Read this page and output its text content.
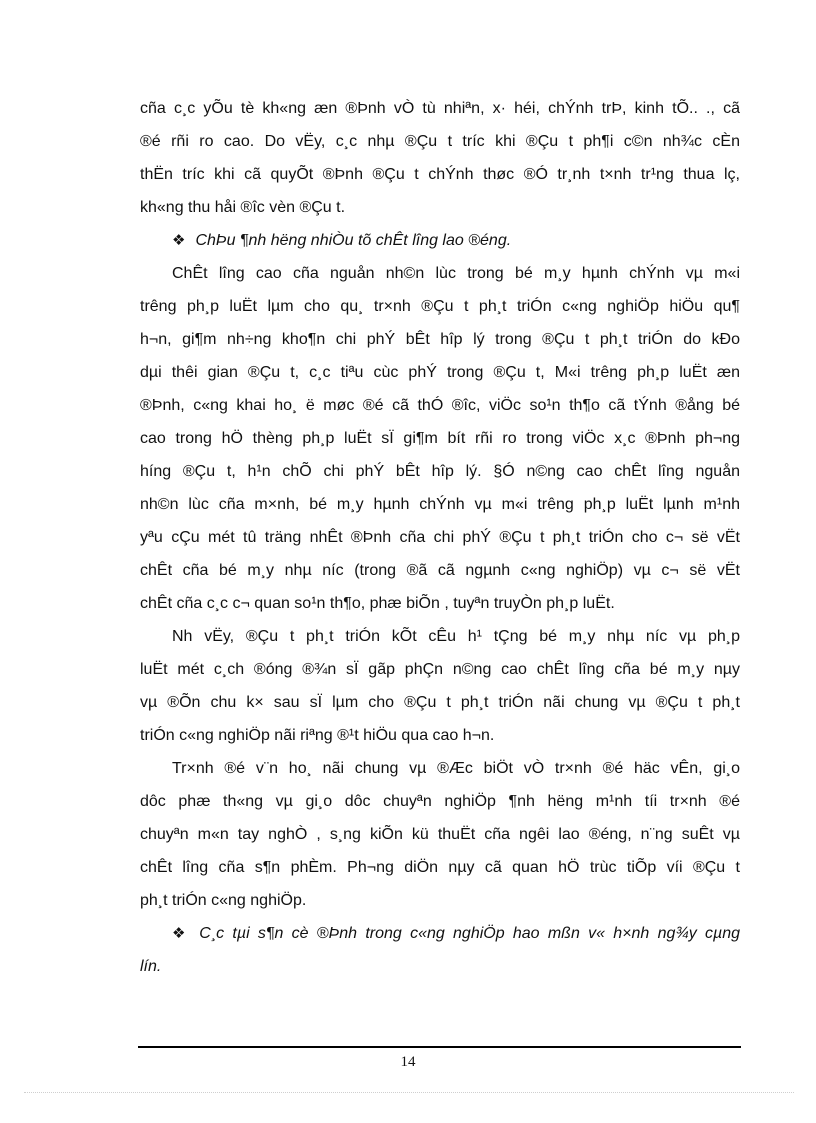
cña c¸c yÕu tè kh«ng æn ®Þnh vÒ tù nhiªn, x· héi, chÝnh trÞ, kinh tÕ.. ., cã
®é rñi ro cao. Do vËy, c¸c nhµ ®Çu t tríc khi ®Çu t ph¶i c©n nh¾c cÈn
thËn tríc khi cã quyÕt ®Þnh ®Çu t chÝnh thøc ®Ó tr¸nh t×nh tr¹ng thua lç,
kh«ng thu håi ®îc vèn ®Çu t.
❖ ChÞu ¶nh hëng nhiÒu tõ chÊt lîng lao ®éng.
ChÊt lîng cao cña nguån nh©n lùc trong bé m¸y hµnh chÝnh vµ m«i
trêng ph¸p luËt lµm cho qu¸ tr×nh ®Çu t ph¸t triÓn c«ng nghiÖp hiÖu qu¶
h¬n, gi¶m nh÷ng kho¶n chi phÝ bÊt hîp lý trong ®Çu t ph¸t triÓn do kÐo
dµi thêi gian ®Çu t, c¸c tiªu cùc phÝ trong ®Çu t, M«i trêng ph¸p luËt æn
®Þnh, c«ng khai ho¸ ë møc ®é cã thÓ ®îc, viÖc so¹n th¶o cã tÝnh ®ång bé
cao trong hÖ thèng ph¸p luËt sÏ gi¶m bít rñi ro trong viÖc x¸c ®Þnh ph¬ng
híng ®Çu t, h¹n chÕ chi phÝ bÊt hîp lý. §Ó n©ng cao chÊt lîng nguån
nh©n lùc cña m×nh, bé m¸y hµnh chÝnh vµ m«i trêng ph¸p luËt lµnh m¹nh
yªu cÇu mét tû träng nhÊt ®Þnh cña chi phÝ ®Çu t ph¸t triÓn cho c¬ së vËt
chÊt cña bé m¸y nhµ níc (trong ®ã cã ngµnh c«ng nghiÖp) vµ c¬ së vËt
chÊt cña c¸c c¬ quan so¹n th¶o, phæ biÕn , tuyªn truyÒn ph¸p luËt.
Nh vËy, ®Çu t ph¸t triÓn kÕt cÊu h¹ tÇng bé m¸y nhµ níc vµ ph¸p
luËt mét c¸ch ®óng ®¾n sÏ gãp phÇn n©ng cao chÊt lîng cña bé m¸y nµy
vµ ®Õn chu k× sau sÏ lµm cho ®Çu t ph¸t triÓn nãi chung vµ ®Çu t ph¸t
triÓn c«ng nghiÖp nãi riªng ®¹t hiÖu qua cao h¬n.
Tr×nh ®é v¨n ho¸ nãi chung vµ ®Æc biÖt vÒ tr×nh ®é häc vÊn, gi¸o
dôc phæ th«ng vµ gi¸o dôc chuyªn nghiÖp ¶nh hëng m¹nh tíi tr×nh ®é
chuyªn m«n tay nghÒ , s¸ng kiÕn kü thuËt cña ngêi lao ®éng, n¨ng suÊt vµ
chÊt lîng cña s¶n phÈm. Ph¬ng diÖn nµy cã quan hÖ trùc tiÕp víi ®Çu t
ph¸t triÓn c«ng nghiÖp.
❖ C¸c tµi s¶n cè ®Þnh trong c«ng nghiÖp hao mßn v« h×nh ng¾y cµng
lín.
14
